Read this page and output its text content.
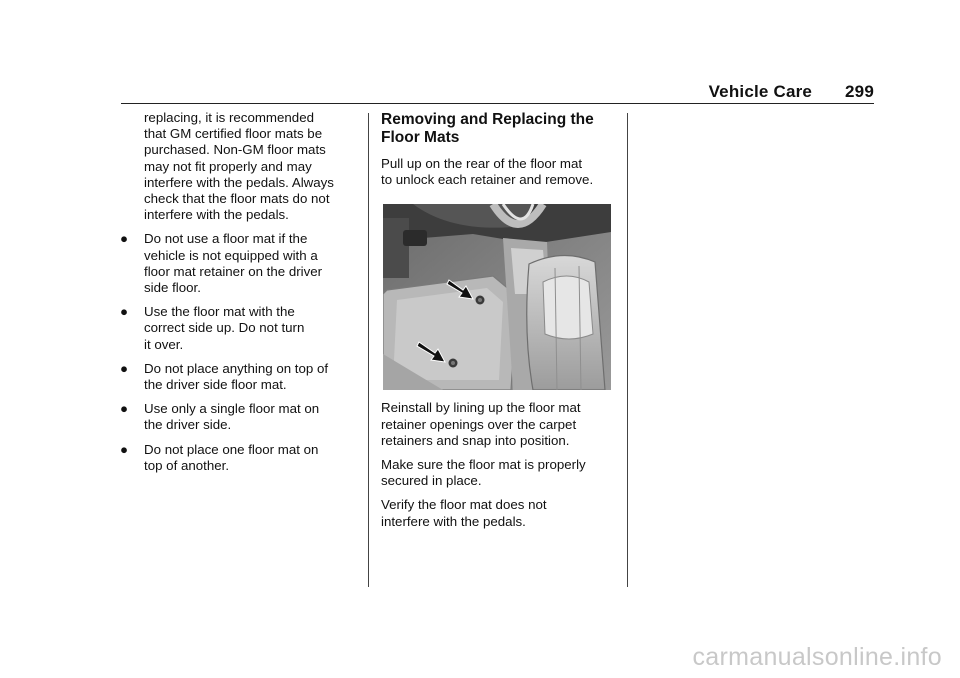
Vehicle Care 299
replacing, it is recommended
that GM certified floor mats be
purchased. Non-GM floor mats
may not fit properly and may
interfere with the pedals. Always
check that the floor mats do not
interfere with the pedals.
● Do not use a floor mat if the
vehicle is not equipped with a
floor mat retainer on the driver
side floor.
● Use the floor mat with the
correct side up. Do not turn
it over.
● Do not place anything on top of
the driver side floor mat.
● Use only a single floor mat on
the driver side.
● Do not place one floor mat on
top of another.
Removing and Replacing the
Floor Mats

Pull up on the rear of the floor mat
to unlock each retainer and remove.

Reinstall by lining up the floor mat
retainer openings over the carpet
retainers and snap into position.

Make sure the floor mat is properly
secured in place.

Verify the floor mat does not
interfere with the pedals.

carmanualsonline.info
